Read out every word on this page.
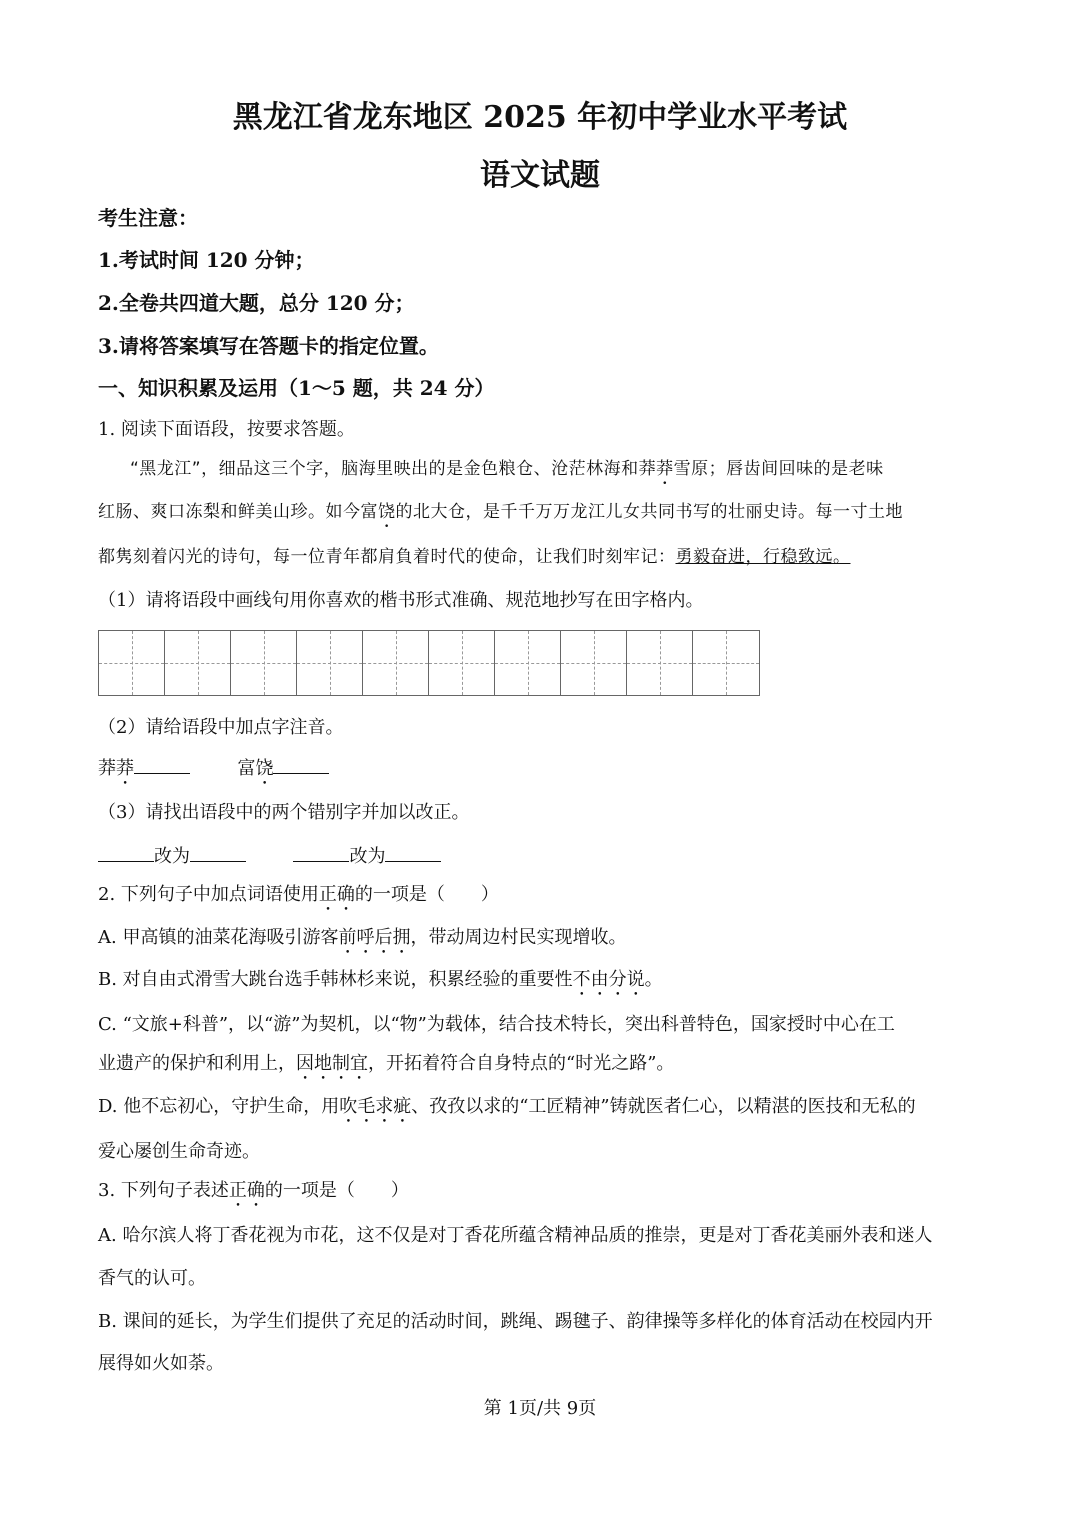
黑龙江省龙东地区 2025 年初中学业水平考试
语文试题
考生注意：
1.考试时间 120 分钟；
2.全卷共四道大题，总分 120 分；
3.请将答案填写在答题卡的指定位置。
一、知识积累及运用（1～5 题，共 24 分）
1. 阅读下面语段，按要求答题。
“黑龙江”，细品这三个字，脑海里映出的是金色粮仓、沧茫林海和莽莽雪原；唇齿间回味的是老味
红肠、爽口冻梨和鲜美山珍。如今富饶的北大仓，是千千万万龙江儿女共同书写的壮丽史诗。每一寸土地
都隽刻着闪光的诗句，每一位青年都肩負着时代的使命，让我们时刻牢记：勇毅奋进，行稳致远。
（1）请将语段中画线句用你喜欢的楷书形式准确、规范地抄写在田字格内。
（2）请给语段中加点字注音。
莽莽	富饶
（3）请找出语段中的两个错别字并加以改正。
改为	改为
2. 下列句子中加点词语使用正确的一项是（　　）
A. 甲高镇的油菜花海吸引游客前呼后拥，带动周边村民实现增收。
B. 对自由式滑雪大跳台选手韩林杉来说，积累经验的重要性不由分说。
C. “文旅+科普”，以“游”为契机，以“物”为载体，结合技术特长，突出科普特色，国家授时中心在工
业遗产的保护和利用上，因地制宜，开拓着符合自身特点的“时光之路”。
D. 他不忘初心，守护生命，用吹毛求疵、孜孜以求的“工匠精神”铸就医者仁心，以精湛的医技和无私的
爱心屡创生命奇迹。
3. 下列句子表述正确的一项是（　　）
A. 哈尔滨人将丁香花视为市花，这不仅是对丁香花所蕴含精神品质的推崇，更是对丁香花美丽外表和迷人
香气的认可。
B. 课间的延长，为学生们提供了充足的活动时间，跳绳、踢毽子、韵律操等多样化的体育活动在校园内开
展得如火如荼。
第 1页/共 9页
